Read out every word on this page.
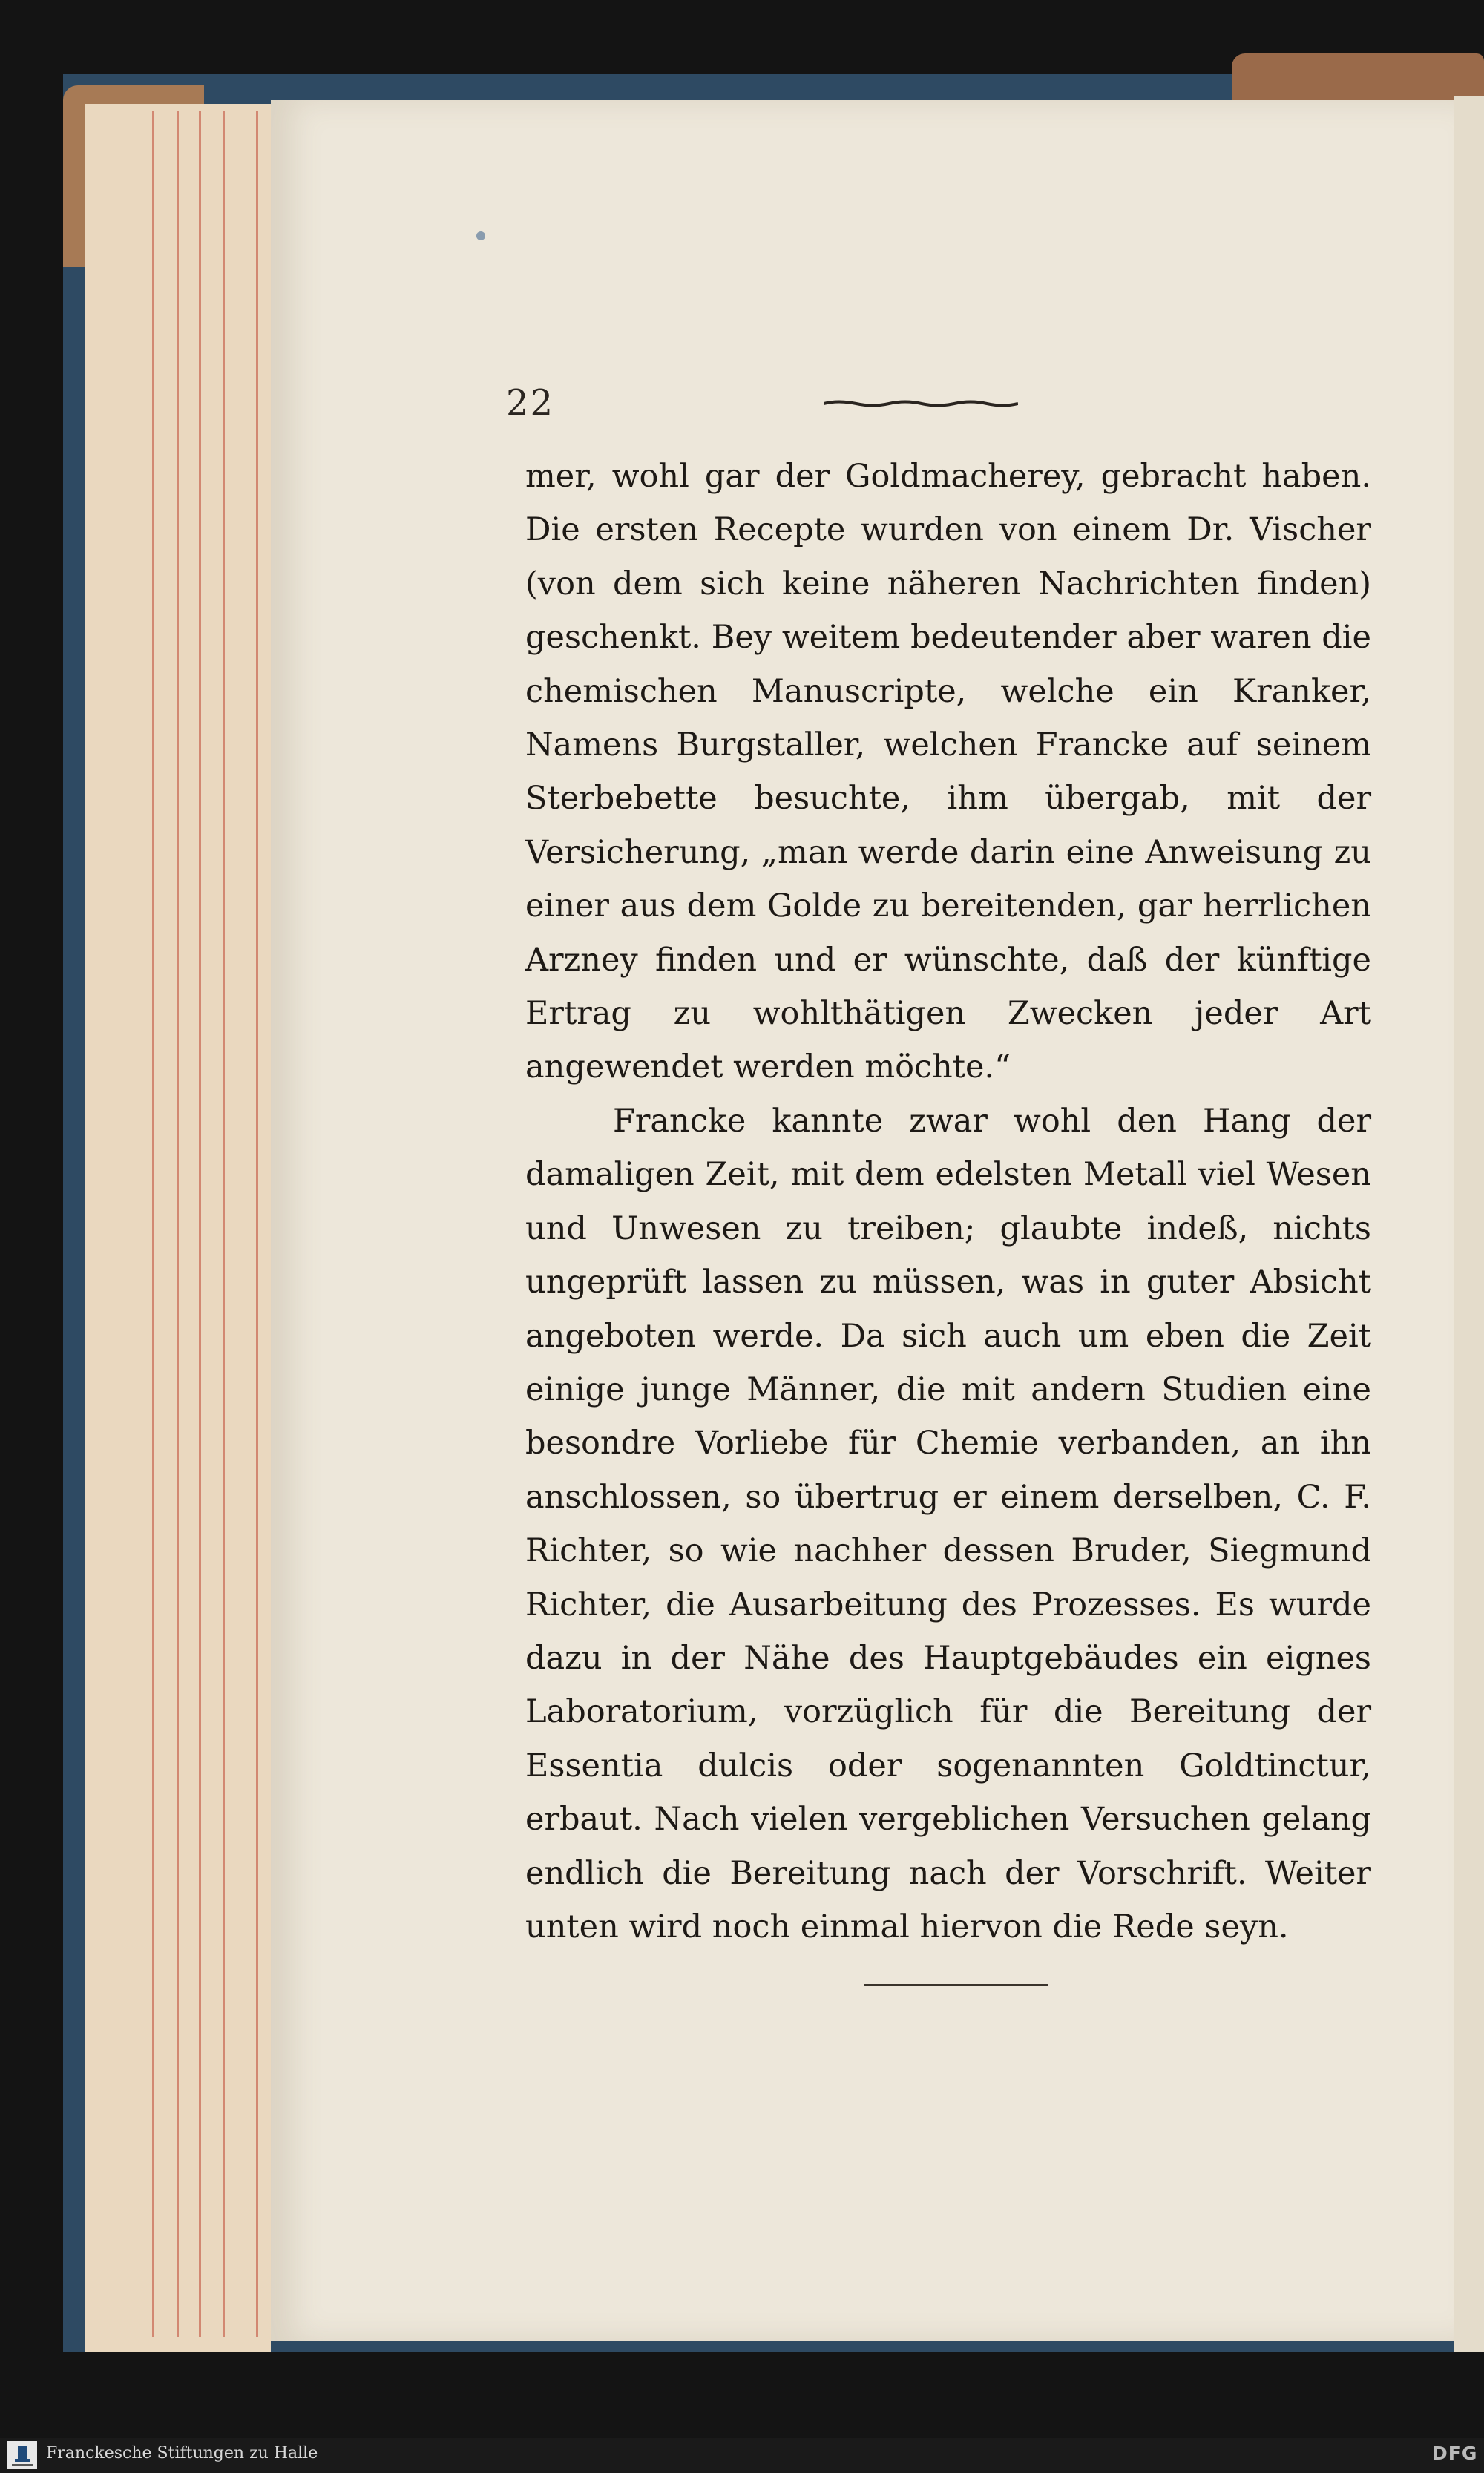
22

mer, wohl gar der Goldmacherey, gebracht haben. Die ersten Recepte wurden von einem Dr. Vischer (von dem sich keine näheren Nachrichten finden) geschenkt. Bey weitem bedeutender aber waren die chemischen Manuscripte, welche ein Kranker, Namens Burgstaller, welchen Francke auf seinem Sterbebette besuchte, ihm übergab, mit der Versicherung, „man werde darin eine Anweisung zu einer aus dem Golde zu bereitenden, gar herrlichen Arzney finden und er wünschte, daß der künftige Ertrag zu wohlthätigen Zwecken jeder Art angewendet werden möchte.“

Francke kannte zwar wohl den Hang der damaligen Zeit, mit dem edelsten Metall viel Wesen und Unwesen zu treiben; glaubte indeß, nichts ungeprüft lassen zu müssen, was in guter Absicht angeboten werde. Da sich auch um eben die Zeit einige junge Männer, die mit andern Studien eine besondre Vorliebe für Chemie verbanden, an ihn anschlossen, so übertrug er einem derselben, C. F. Richter, so wie nachher dessen Bruder, Siegmund Richter, die Ausarbeitung des Prozesses. Es wurde dazu in der Nähe des Hauptgebäudes ein eignes Laboratorium, vorzüglich für die Bereitung der Essentia dulcis oder sogenannten Goldtinctur, erbaut. Nach vielen vergeblichen Versuchen gelang endlich die Bereitung nach der Vorschrift. Weiter unten wird noch einmal hiervon die Rede seyn.

Franckesche Stiftungen zu Halle	DFG
